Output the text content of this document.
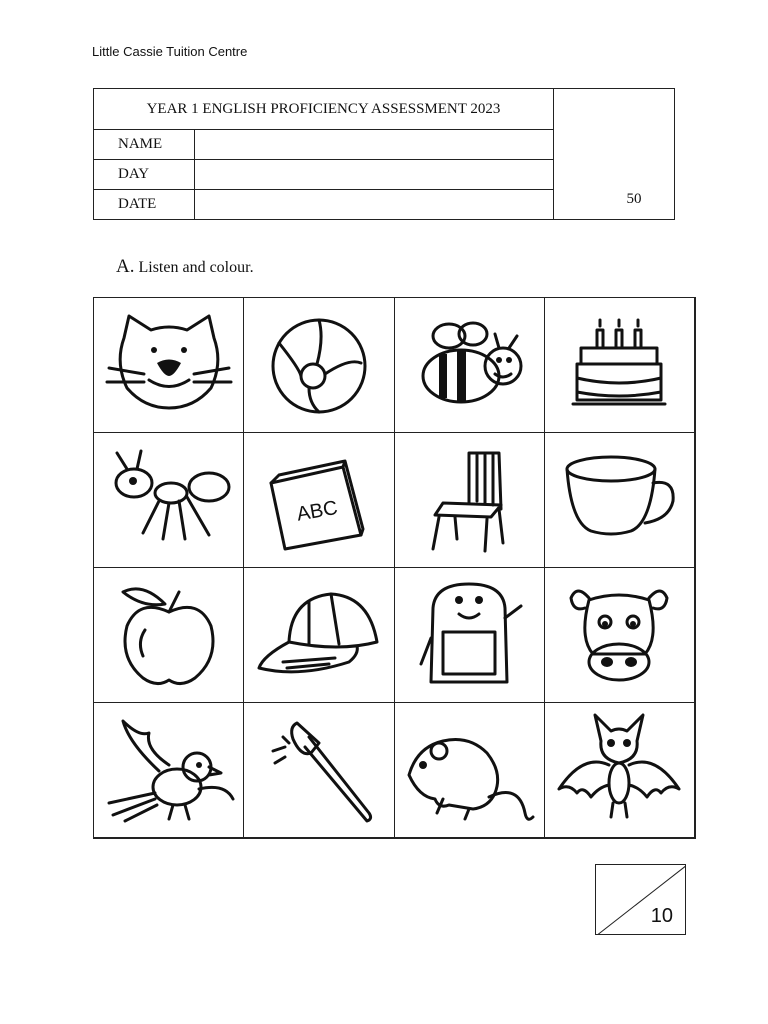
Little Cassie Tuition Centre
YEAR 1 ENGLISH PROFICIENCY ASSESSMENT 2023		50
NAME		
DAY		
DATE		
A. Listen and colour.
ABC
10
